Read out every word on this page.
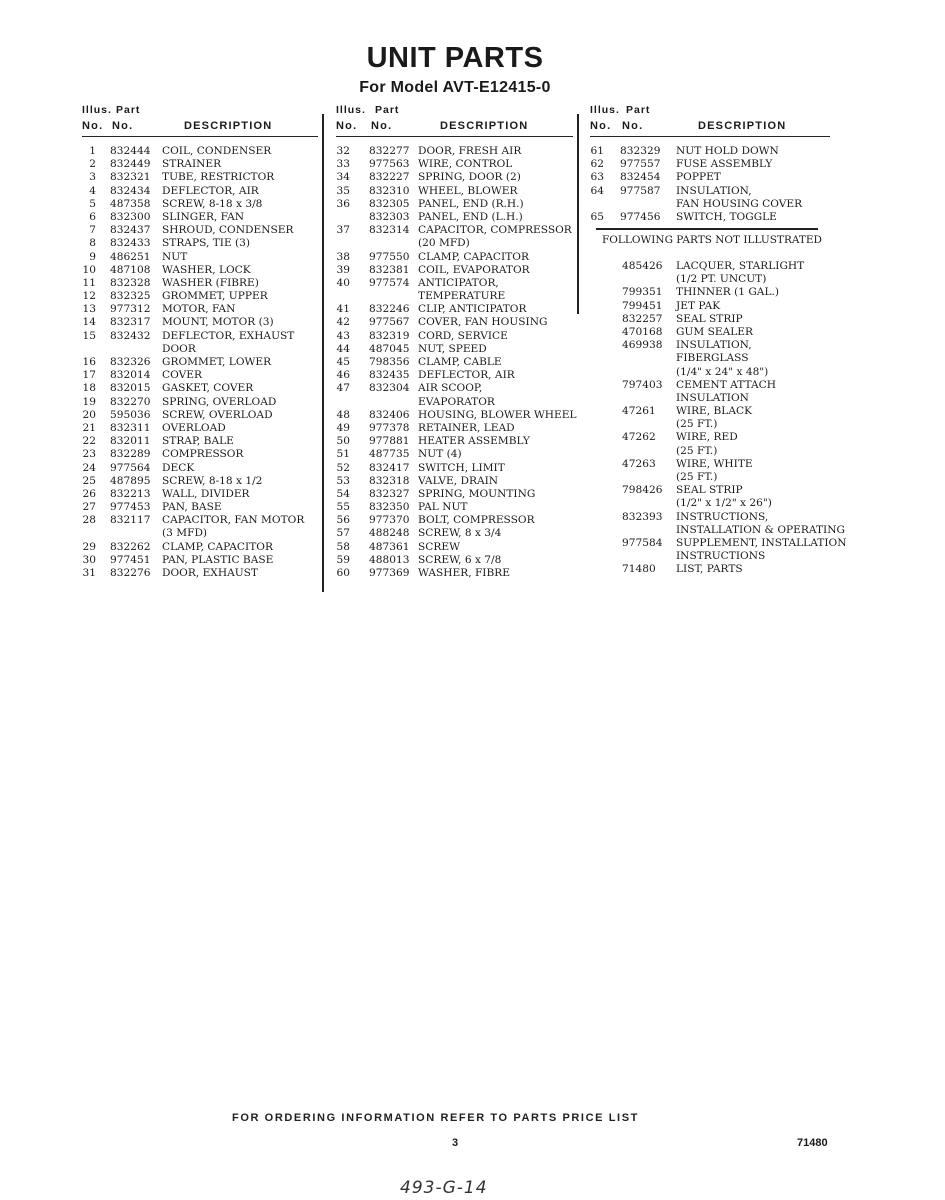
UNIT PARTS
For Model AVT-E12415-0
Illus. Part
No. No.	DESCRIPTION
1 832444 COIL, CONDENSER
2 832449 STRAINER
3 832321 TUBE, RESTRICTOR
4 832434 DEFLECTOR, AIR
5 487358 SCREW, 8-18 x 3/8
6 832300 SLINGER, FAN
7 832437 SHROUD, CONDENSER
8 832433 STRAPS, TIE (3)
9 486251 NUT
10 487108 WASHER, LOCK
11 832328 WASHER (FIBRE)
12 832325 GROMMET, UPPER
13 977312 MOTOR, FAN
14 832317 MOUNT, MOTOR (3)
15 832432 DEFLECTOR, EXHAUST
DOOR
16 832326 GROMMET, LOWER
17 832014 COVER
18 832015 GASKET, COVER
19 832270 SPRING, OVERLOAD
20 595036 SCREW, OVERLOAD
21 832311 OVERLOAD
22 832011 STRAP, BALE
23 832289 COMPRESSOR
24 977564 DECK
25 487895 SCREW, 8-18 x 1/2
26 832213 WALL, DIVIDER
27 977453 PAN, BASE
28 832117 CAPACITOR, FAN MOTOR
(3 MFD)
29 832262 CLAMP, CAPACITOR
30 977451 PAN, PLASTIC BASE
31 832276 DOOR, EXHAUST
Illus. Part
No. No.	DESCRIPTION
32 832277 DOOR, FRESH AIR
33 977563 WIRE, CONTROL
34 832227 SPRING, DOOR (2)
35 832310 WHEEL, BLOWER
36 832305 PANEL, END (R.H.)
832303 PANEL, END (L.H.)
37 832314 CAPACITOR, COMPRESSOR
(20 MFD)
38 977550 CLAMP, CAPACITOR
39 832381 COIL, EVAPORATOR
40 977574 ANTICIPATOR,
TEMPERATURE
41 832246 CLIP, ANTICIPATOR
42 977567 COVER, FAN HOUSING
43 832319 CORD, SERVICE
44 487045 NUT, SPEED
45 798356 CLAMP, CABLE
46 832435 DEFLECTOR, AIR
47 832304 AIR SCOOP,
EVAPORATOR
48 832406 HOUSING, BLOWER WHEEL
49 977378 RETAINER, LEAD
50 977881 HEATER ASSEMBLY
51 487735 NUT (4)
52 832417 SWITCH, LIMIT
53 832318 VALVE, DRAIN
54 832327 SPRING, MOUNTING
55 832350 PAL NUT
56 977370 BOLT, COMPRESSOR
57 488248 SCREW, 8 x 3/4
58 487361 SCREW
59 488013 SCREW, 6 x 7/8
60 977369 WASHER, FIBRE
Illus. Part
No. No.	DESCRIPTION
61 832329 NUT HOLD DOWN
62 977557 FUSE ASSEMBLY
63 832454 POPPET
64 977587 INSULATION,
FAN HOUSING COVER
65 977456 SWITCH, TOGGLE
FOLLOWING PARTS NOT ILLUSTRATED
485426 LACQUER, STARLIGHT
(1/2 PT. UNCUT)
799351 THINNER (1 GAL.)
799451 JET PAK
832257 SEAL STRIP
470168 GUM SEALER
469938 INSULATION,
FIBERGLASS
(1/4" x 24" x 48")
797403 CEMENT ATTACH
INSULATION
47261 WIRE, BLACK
(25 FT.)
47262 WIRE, RED
(25 FT.)
47263 WIRE, WHITE
(25 FT.)
798426 SEAL STRIP
(1/2" x 1/2" x 26")
832393 INSTRUCTIONS,
INSTALLATION & OPERATING
977584 SUPPLEMENT, INSTALLATION
INSTRUCTIONS
71480 LIST, PARTS
FOR ORDERING INFORMATION REFER TO PARTS PRICE LIST
3	71480
493-G-14
